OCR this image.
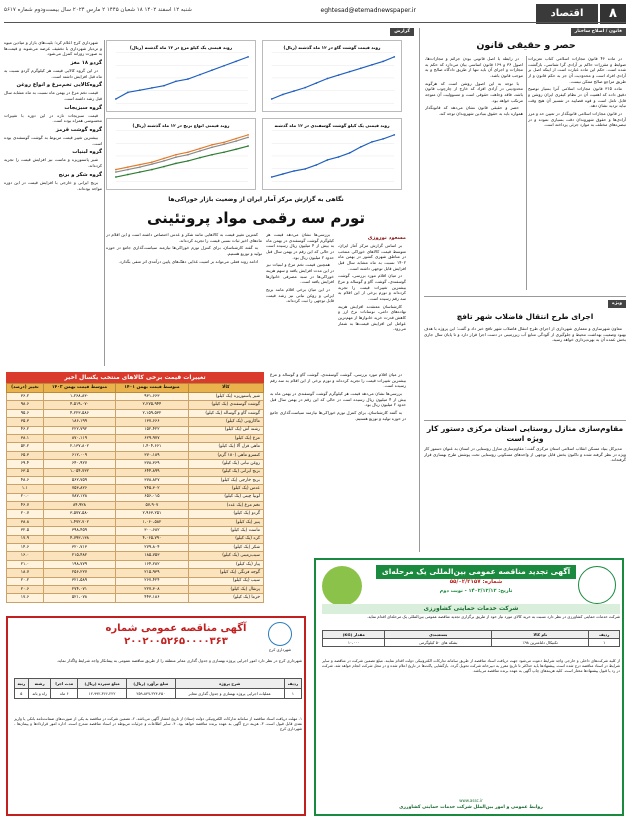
۸
اقتصاد
eghtesad@etemadnewspaper.ir
شنبه ۱۲ اسفند ۱۴۰۲ ۱۸ شعبان ۱۴۴۵ ۲ مارس ۲۰۲۴ سال بیست‌ودوم شماره ۵۶۱۷
قانون / اصلاح ساختار
حصر و حقیقی قانون

در ماده ۴۶ قانون مجازات اسلامی کتاب تعزیرات ضوابط و مقررات حاکم بر آزادی گرا شناسی، بازگشت شده است. حکم این ماده عبارت است از اینکه اصل بر آزادی افراد است و محدودیت آن جز به حکم قانون و از طریق مراجع صالح ممکن نیست.

ماده ۳۱۵ قانون مجازات اسلامی آنرا بسیار توضیح دقیق داده که اهمیت آن در نظام کیفری ایران روشن و قابل تامل است و قوه قضاییه در تفسیر آن هیچ وقت نباید تردید نشان دهد.

در قانون مجازات اسلامی قانونگذار در تعیین حد و مرز آزادی‌ها و حقوق شهروندان دقت بسیاری نموده و در تبصره‌های مختلف به موارد جزئی پرداخته است.

در رابطه با اصل قانونی بودن جرائم و مجازات‌ها، اصول ۳۶ و ۱۶۹ قانون اساسی بیان می‌دارد که حکم به مجازات و اجرای آن باید تنها از طریق دادگاه صالح و به موجب قانون باشد.

با توجه به این اصول روشن است که هرگونه محدودیتی در آزادی افراد که خارج از چارچوب قانون باشد، فاقد وجاهت حقوقی است و مسوولیت آن متوجه مرتکب خواهد بود.

حصر و حقیقی قانون نشان می‌دهد که قانونگذار همواره باید به حقوق بنیادین شهروندان توجه کند.

ویژه
اجرای طرح انتقال فاضلاب شهر تافچ

معاون شهرسازی و معماری شهرداری از اجرای طرح انتقال فاضلاب شهر تافچ خبر داد و گفت: این پروژه با هدف بهبود وضعیت بهداشت محیط و جلوگیری از آلودگی منابع آب زیرزمینی در دست اجرا قرار دارد و تا پایان سال جاری بخش عمده آن به بهره‌برداری خواهد رسید.

مقاوم‌سازی منازل روستایی استان مرکزی دستور کار ویژه است

مدیرکل بنیاد مسکن انقلاب اسلامی استان مرکزی گفت: مقاوم‌سازی منازل روستایی در استان به عنوان دستور کار ویژه در نظر گرفته شده و تاکنون بخش قابل توجهی از واحدهای مسکونی روستایی تحت پوشش طرح بهسازی قرار گرفته‌اند.

گزارش
روند قیمت گوشت گاو در ۱۲ ماه گذشته (ریال)
روند قیمتی یک کیلو مرغ در ۱۲ ماه گذشته (ریال)
روند قیمتی یک کیلو گوشت گوسفندی در ۱۲ ماه گذشته
روند قیمتی انواع برنج در ۱۲ ماه گذشته (ریال)

شهرداری کرج اعلام کرد؛ بلیت‌های بازار و میادین میوه و تره‌بار شهرداری با تخفیف عرضه می‌شوند و قیمت‌ها به صورت روزانه کنترل می‌شود.

گردو ۱۸ مغز

در این گروه کالایی قیمت هر کیلوگرم گردو نسبت به ماه قبل افزایش داشته است.

گروه‌کالایی تخم‌مرغ و انواع روغن

قیمت تخم مرغ در بهمن ماه نسبت به ماه مشابه سال قبل رشد داشته است.

گروه سبزیجات

قیمت سبزیجات تازه در این دوره با تغییرات محسوسی همراه بوده است.

گروه گوشت قرمز

بیشترین تغییر قیمت مربوط به گوشت گوسفندی بوده است.

گروه لبنیات

شیر پاستوریزه و ماست نیز افزایش قیمت را تجربه کرده‌اند.

گروه شکر و برنج

برنج ایرانی و خارجی با افزایش قیمت در این دوره مواجه بوده‌اند.

نگاهی به گزارش مرکز آمار ایران از وضعیت بازار خوراکی‌ها
تورم سه رقمی مواد پروتئینی
مسعود نوروزی

بر اساس گزارش مرکز آمار ایران، متوسط قیمت کالاهای خوراکی منتخب در مناطق شهری کشور در بهمن ماه ۱۴۰۲ نسبت به ماه مشابه سال قبل افزایش قابل توجهی داشته است.

در میان اقلام مورد بررسی، گوشت گوسفندی، گوشت گاو و گوساله و مرغ بیشترین تغییرات قیمت را تجربه کرده‌اند و تورم برخی از این اقلام به سه رقم رسیده است.

کارشناسان معتقدند افزایش هزینه نهاده‌های دامی، نوسانات نرخ ارز و کاهش قدرت خرید خانوارها از مهم‌ترین عوامل این افزایش قیمت‌ها به شمار می‌رود.

بررسی‌ها نشان می‌دهد قیمت هر کیلوگرم گوشت گوسفندی در بهمن ماه به بیش از ۴ میلیون ریال رسیده است در حالی که این رقم در بهمن سال قبل حدود ۲ میلیون ریال بود.

همچنین قیمت تخم مرغ و لبنیات نیز در این مدت افزایش یافته و سهم هزینه خوراکی‌ها در سبد مصرفی خانوارها افزایش یافته است.

در این میان برخی اقلام مانند برنج ایرانی و روغن نباتی نیز رشد قیمت قابل توجهی را ثبت کرده‌اند.

کمترین تغییر قیمت به کالاهایی مانند شکر و عدس اختصاص داشته است و این اقلام در ماه‌های اخیر ثبات نسبی قیمت را تجربه کرده‌اند.

به گفته کارشناسان، برای کنترل تورم خوراکی‌ها نیازمند سیاست‌گذاری جامع در حوزه تولید و توزیع هستیم.

ادامه روند فعلی می‌تواند بر امنیت غذایی دهک‌های پایین درآمدی اثر منفی بگذارد.

در میان اقلام مورد بررسی، گوشت گوسفندی، گوشت گاو و گوساله و مرغ بیشترین تغییرات قیمت را تجربه کرده‌اند و تورم برخی از این اقلام به سه رقم رسیده است.

بررسی‌ها نشان می‌دهد قیمت هر کیلوگرم گوشت گوسفندی در بهمن ماه به بیش از ۴ میلیون ریال رسیده است در حالی که این رقم در بهمن سال قبل حدود ۲ میلیون ریال بود.

به گفته کارشناسان، برای کنترل تورم خوراکی‌ها نیازمند سیاست‌گذاری جامع در حوزه تولید و توزیع هستیم.

تغییرات قیمت برخی کالاهای منتخب یکسال اخیر
کالا	متوسط قیمت بهمن ۱۴۰۱	متوسط قیمت بهمن ۱۴۰۲	تغییر (درصد)
شیر پاستوریزه (یک کیلو)	۹۳۱،۶۶۳	۱،۲۶۸،۸۳۰	۳۶.۲
گوشت گوسفندی (یک کیلو)	۲،۲۷۵،۹۴۴	۴،۵۱۹،۰۷۰	۹۸.۶
گوشت گاو و گوساله (یک کیلو)	۲،۱۵۹،۵۳۲	۴،۲۲۳،۵۸۶	۹۵.۶
ماکارونی (یک کیلو)	۱۳۷،۶۶۶	۱۸۶،۱۹۹	۳۵.۳
رشته آش (یک کیلو)	۱۵۲،۴۲۲	۲۲۲،۷۹۲	۴۶.۲
مرغ (یک کیلو)	۶۲۹،۹۷۷	۸۷۰،۱۱۹	۳۸.۱
ماهی قزل آلا (یک کیلو)	۱،۴۰۴،۶۶۱	۲،۱۳۷،۸۰۲	۵۲.۲
کنسرو ماهی (۱۸۰ گرم)	۳۷۰،۱۸۹	۶۱۲،۰۰۹	۶۵.۳
روغن نباتی (یک کیلو)	۳۷۸،۳۶۹	۶۴۰،۹۲۷	۶۹.۴
برنج ایرانی (یک کیلو)	۶۴۴،۸۹۹	۱،۰۵۴،۷۳۲	۶۳.۵
برنج خارجی (یک کیلو)	۳۷۸،۸۲۷	۵۶۲،۷۵۹	۴۸.۶
عدس (یک کیلو)	۷۴۵،۳۰۲	۷۵۳،۸۲۶	۱.۱
لوبیا چیتی (یک کیلو)	۶۵۶،۰۱۵	۷۸۷،۱۲۸	۲۰.۰
تخم مرغ (یک عدد)	۵۷،۹۰۷	۸۴،۹۲۸	۴۶.۷
گردو (یک کیلو)	۲،۹۶۳،۲۵۱	۳،۵۷۷،۵۸۰	۲۰.۷
پنیر (یک کیلو)	۱،۰۶۰،۵۸۲	۱،۴۷۲،۷۰۲	۳۸.۸
ماست (یک کیلو)	۳۰۰،۶۸۲	۳۹۸،۴۵۹	۳۲.۵
کره (یک کیلو)	۴،۰۶۵،۷۹۰	۴،۷۹۳،۱۳۸	۱۷.۹
شکر (یک کیلو)	۲۷۹،۸۰۴	۳۲۰،۷۱۳	۱۴.۶
سیب‌زمینی (یک کیلو)	۱۸۵،۷۵۳	۲۱۵،۴۸۲	۱۶.۰
پیاز (یک کیلو)	۱۶۴،۲۸۲	۱۹۸،۷۷۹	۲۱.۰
گوجه فرنگی (یک کیلو)	۲۱۵،۹۳۹	۲۵۶،۲۲۷	۱۸.۷
سیب (یک کیلو)	۲۶۷،۴۲۴	۳۲۱،۵۸۹	۲۰.۲
پرتقال (یک کیلو)	۲۲۷،۳۰۸	۲۷۴،۰۷۱	۲۰.۶
خرما (یک کیلو)	۴۴۳،۱۸۶	۵۲۱،۰۷۸	۱۷.۶
شهرداری کرج
آگهی مناقصه عمومی شماره
۲۰۰۲۰۰۵۲۶۵۰۰۰۰۳۶۳
شهرداری کرج در نظر دارد امور اجرایی پروژه بهسازی و جدول گذاری معابر منطقه را از طریق مناقصه عمومی به پیمانکار واجد شرایط واگذار نماید.
ردیف	شرح پروژه	مبلغ برآورد (ریال)	مبلغ سپرده (ریال)	مدت اجرا	رشته	رتبه
۱	عملیات اجرایی پروژه بهسازی و جدول گذاری معابر	۲۵۹،۸۴۷،۳۲۴،۴۵۰	۱۲،۹۹۲،۳۶۶،۲۲۲	۶ ماه	راه و باند	۵
۱- مهلت دریافت اسناد مناقصه از سامانه تدارکات الکترونیکی دولت (ستاد) از تاریخ انتشار آگهی می‌باشد. ۲- تضمین شرکت در مناقصه به یکی از صورت‌های ضمانت‌نامه بانکی یا واریز نقدی قابل قبول است. ۳- هزینه درج آگهی به عهده برنده مناقصه خواهد بود. ۴- سایر اطلاعات و جزئیات مربوطه در اسناد مناقصه مندرج است. اداره امور قراردادها و پیمان‌ها - شهرداری کرج
آگهی تجدید مناقصه عمومی بین‌المللی یک مرحله‌ای
شماره: ۵۵/۰۲/۲۱۵۷
تاریخ: ۱۴۰۲/۱۲/۱۲ - نوبت دوم
شرکت خدمات حمایتی کشاورزی
شرکت خدمات حمایتی کشاورزی در نظر دارد نسبت به خرید کالای مورد نیاز خود از طریق برگزاری تجدید مناقصه عمومی بین‌المللی یک مرحله‌ای اقدام نماید.
ردیف	نام کالا	بسته‌بندی	مقدار (KG)
۱	تکنیکال دلتامترین ۹۸٪	بشکه های ۵۰ کیلوگرمی	۱۰،۰۰۰
از کلیه شرکت‌های داخلی و خارجی واجد شرایط دعوت می‌شود جهت دریافت اسناد مناقصه از طریق سامانه تدارکات الکترونیکی دولت اقدام نمایند. مبلغ تضمین شرکت در مناقصه و سایر شرایط در اسناد مناقصه درج شده است. پیشنهادها باید حداکثر تا تاریخ مقرر به دبیرخانه شرکت تحویل گردد. بازگشایی پاکت‌ها در تاریخ اعلام شده و در محل شرکت انجام خواهد شد. شرکت در رد یا قبول پیشنهادها مختار است. کلیه هزینه‌های چاپ آگهی به عهده برنده مناقصه می‌باشد.
www.assc.ir
روابط عمومی و امور بین‌الملل شرکت خدمات حمایتی کشاورزی
